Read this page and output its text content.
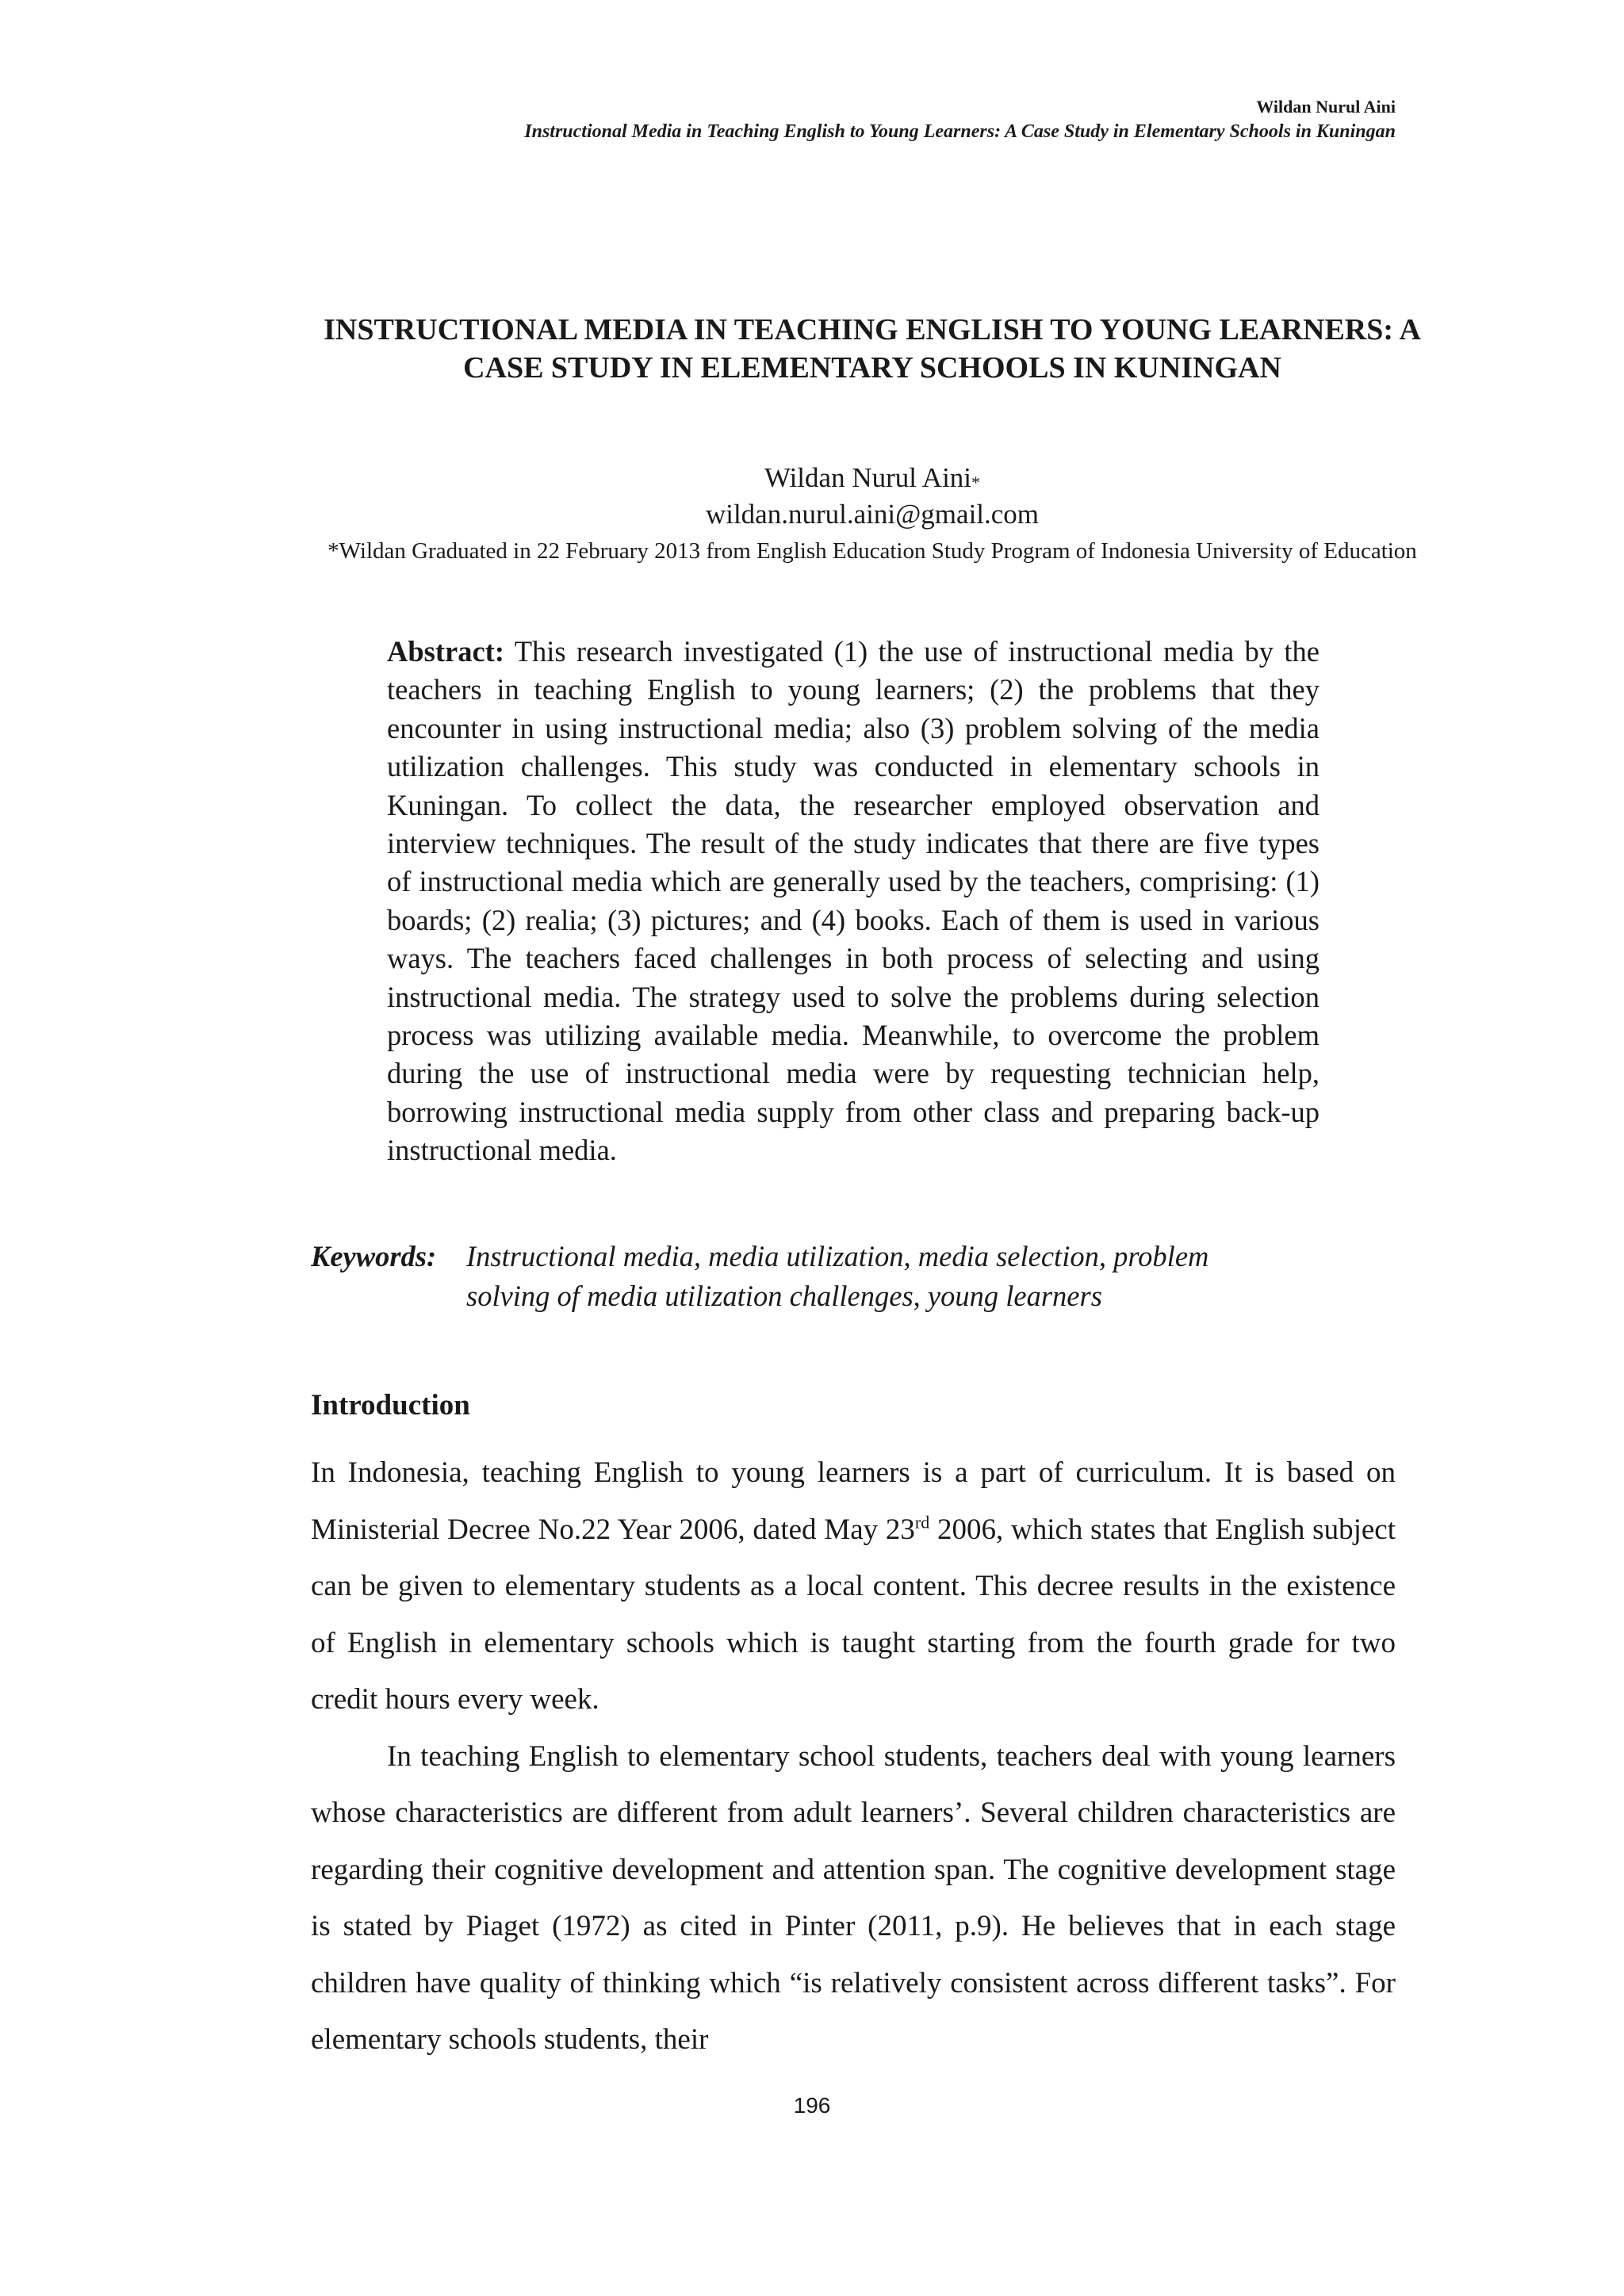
Wildan Nurul Aini
Instructional Media in Teaching English to Young Learners: A Case Study in Elementary Schools in Kuningan
INSTRUCTIONAL MEDIA IN TEACHING ENGLISH TO YOUNG LEARNERS: A CASE STUDY IN ELEMENTARY SCHOOLS IN KUNINGAN
Wildan Nurul Aini*
wildan.nurul.aini@gmail.com
*Wildan Graduated in 22 February 2013 from English Education Study Program of Indonesia University of Education

Abstract: This research investigated (1) the use of instructional media by the teachers in teaching English to young learners; (2) the problems that they encounter in using instructional media; also (3) problem solving of the media utilization challenges. This study was conducted in elementary schools in Kuningan. To collect the data, the researcher employed observation and interview techniques. The result of the study indicates that there are five types of instructional media which are generally used by the teachers, comprising: (1) boards; (2) realia; (3) pictures; and (4) books. Each of them is used in various ways. The teachers faced challenges in both process of selecting and using instructional media. The strategy used to solve the problems during selection process was utilizing available media. Meanwhile, to overcome the problem during the use of instructional media were by requesting technician help, borrowing instructional media supply from other class and preparing back-up instructional media.

Keywords:	Instructional media, media utilization, media selection, problem solving of media utilization challenges, young learners
Introduction

In Indonesia, teaching English to young learners is a part of curriculum. It is based on Ministerial Decree No.22 Year 2006, dated May 23rd 2006, which states that English subject can be given to elementary students as a local content. This decree results in the existence of English in elementary schools which is taught starting from the fourth grade for two credit hours every week.

In teaching English to elementary school students, teachers deal with young learners whose characteristics are different from adult learners’. Several children characteristics are regarding their cognitive development and attention span. The cognitive development stage is stated by Piaget (1972) as cited in Pinter (2011, p.9). He believes that in each stage children have quality of thinking which “is relatively consistent across different tasks”. For elementary schools students, their

196
